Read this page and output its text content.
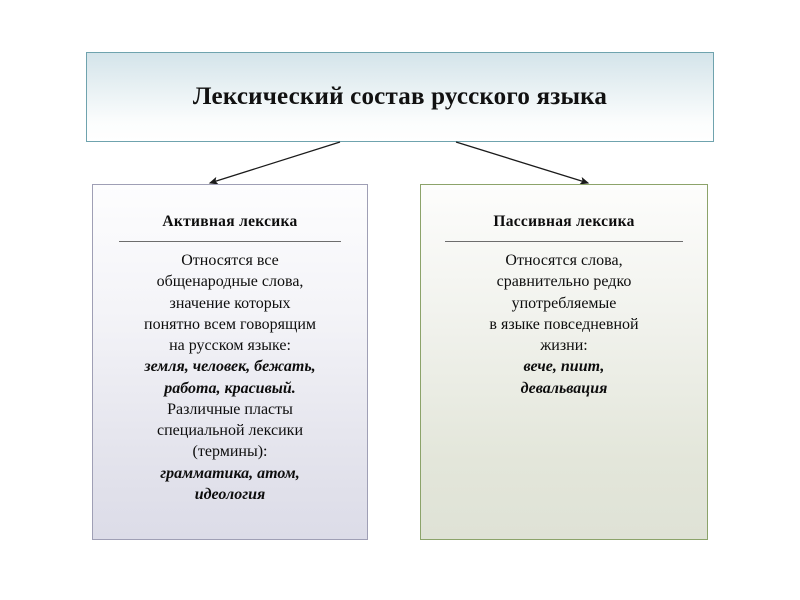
Лексический состав русского языка
Активная лексика
Относятся все
общенародные слова,
значение которых
понятно всем говорящим
на русском языке:
земля, человек, бежать,
работа, красивый.
Различные пласты
специальной лексики
(термины):
грамматика, атом,
идеология
Пассивная лексика
Относятся слова,
сравнительно редко
употребляемые
в языке повседневной
жизни:
вече, пиит,
девальвация
